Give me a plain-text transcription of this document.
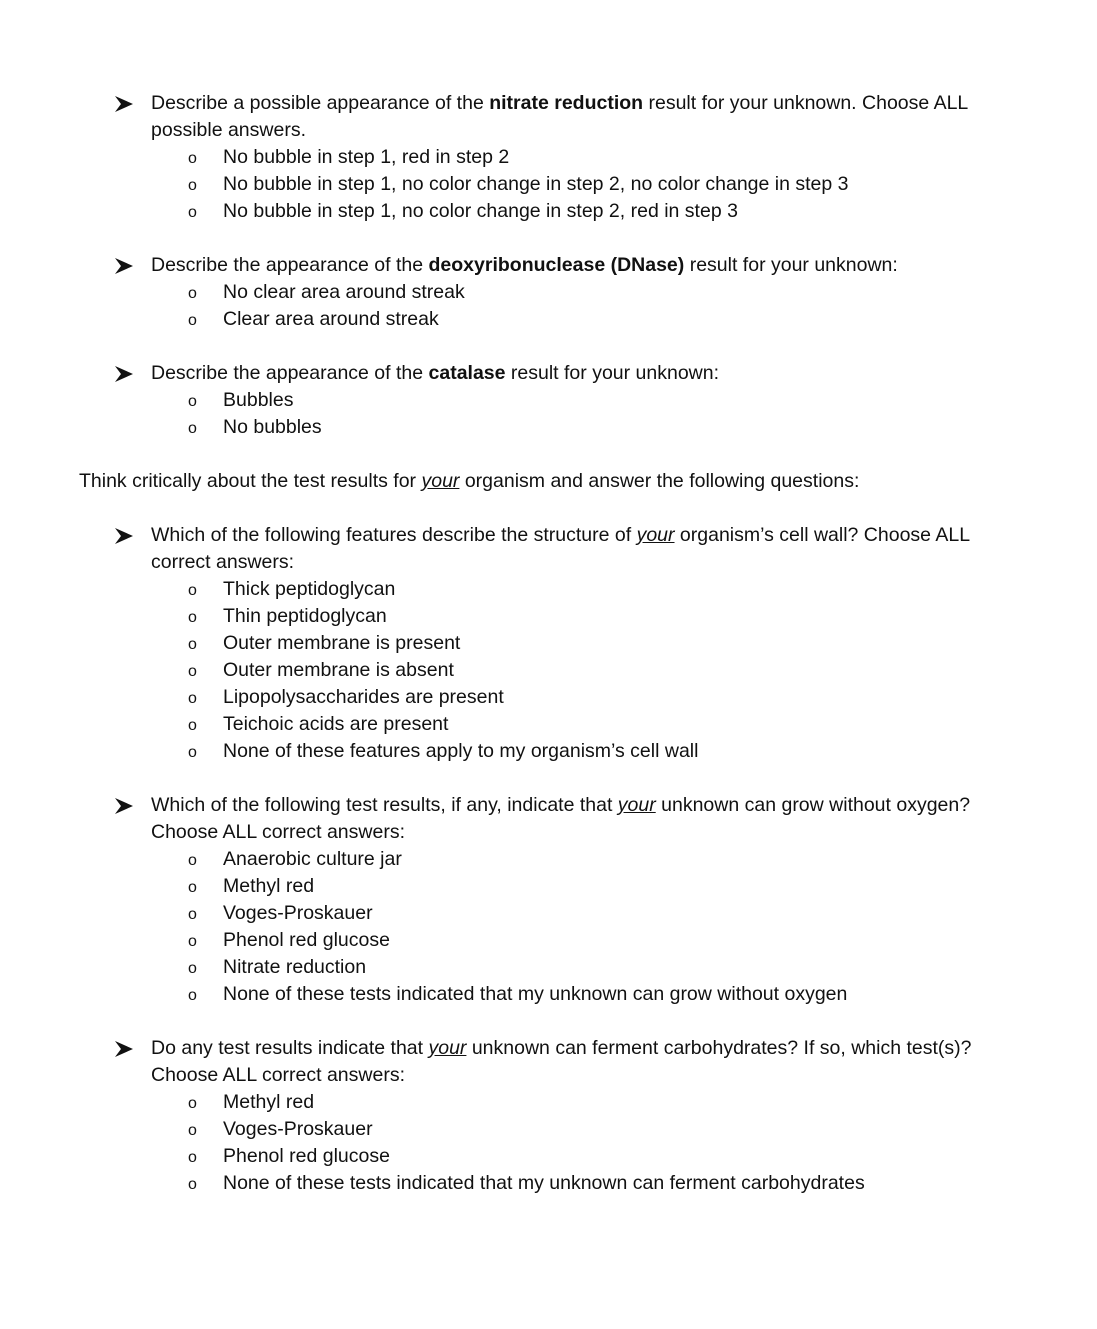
Describe a possible appearance of the nitrate reduction result for your unknown. Choose ALL possible answers.

o No bubble in step 1, red in step 2
o No bubble in step 1, no color change in step 2, no color change in step 3
o No bubble in step 1, no color change in step 2, red in step 3

Describe the appearance of the deoxyribonuclease (DNase) result for your unknown:

o No clear area around streak
o Clear area around streak

Describe the appearance of the catalase result for your unknown:

o Bubbles
o No bubbles

Think critically about the test results for your organism and answer the following questions:

Which of the following features describe the structure of your organism’s cell wall? Choose ALL correct answers:

o Thick peptidoglycan
o Thin peptidoglycan
o Outer membrane is present
o Outer membrane is absent
o Lipopolysaccharides are present
o Teichoic acids are present
o None of these features apply to my organism’s cell wall

Which of the following test results, if any, indicate that your unknown can grow without oxygen? Choose ALL correct answers:

o Anaerobic culture jar
o Methyl red
o Voges-Proskauer
o Phenol red glucose
o Nitrate reduction
o None of these tests indicated that my unknown can grow without oxygen

Do any test results indicate that your unknown can ferment carbohydrates? If so, which test(s)? Choose ALL correct answers:

o Methyl red
o Voges-Proskauer
o Phenol red glucose
o None of these tests indicated that my unknown can ferment carbohydrates
